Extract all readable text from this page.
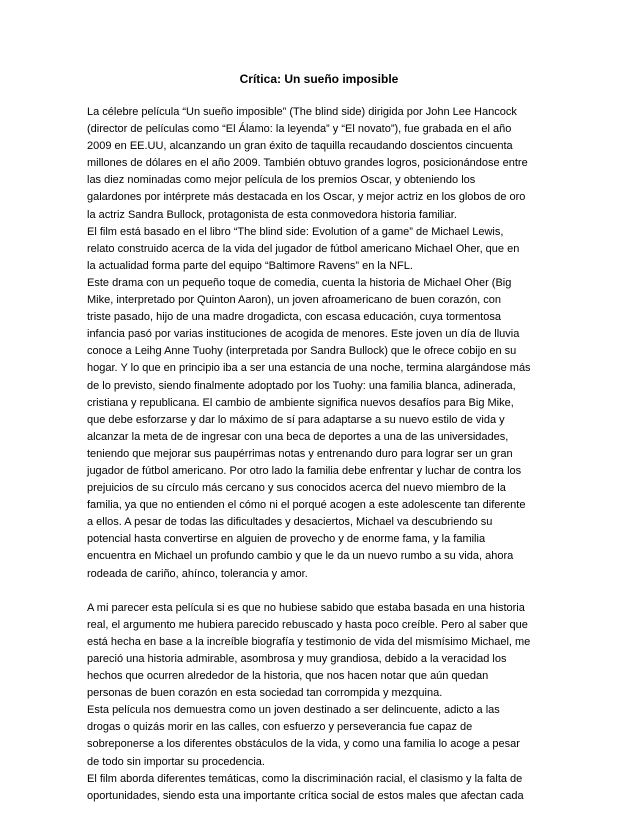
Crítica: Un sueño imposible
La célebre película “Un sueño imposible” (The blind side) dirigida por John Lee Hancock
(director de películas como “El Álamo: la leyenda” y “El novato”), fue grabada en el año
2009 en EE.UU, alcanzando un gran éxito de taquilla recaudando doscientos cincuenta
millones de dólares en el año 2009. También obtuvo grandes logros, posicionándose entre
las diez nominadas como mejor película de los premios Oscar, y obteniendo los
galardones por intérprete más destacada en los Oscar, y mejor actriz en los globos de oro
la actriz Sandra Bullock, protagonista de esta conmovedora historia familiar.
El film está basado en el libro “The blind side: Evolution of a game” de Michael Lewis,
relato construido acerca de la vida del jugador de fútbol americano Michael Oher, que en
la actualidad forma parte del equipo “Baltimore Ravens” en la NFL.
Este drama con un pequeño toque de comedia, cuenta la historia de Michael Oher (Big
Mike, interpretado por Quinton Aaron), un joven afroamericano de buen corazón, con
triste pasado, hijo de una madre drogadicta, con escasa educación, cuya tormentosa
infancia pasó por varias instituciones de acogida de menores. Este joven un día de lluvia
conoce a Leihg Anne Tuohy (interpretada por Sandra Bullock) que le ofrece cobijo en su
hogar. Y lo que en principio iba a ser una estancia de una noche, termina alargándose más
de lo previsto, siendo finalmente adoptado por los Tuohy: una familia blanca, adinerada,
cristiana y republicana. El cambio de ambiente significa nuevos desafíos para Big Mike,
que debe esforzarse y dar lo máximo de sí para adaptarse a su nuevo estilo de vida y
alcanzar la meta de de ingresar con una beca de deportes a una de las universidades,
teniendo que mejorar sus paupérrimas notas y entrenando duro para lograr ser un gran
jugador de fútbol americano. Por otro lado la familia debe enfrentar y luchar de contra los
prejuicios de su círculo más cercano y sus conocidos acerca del nuevo miembro de la
familia, ya que no entienden el cómo ni el porqué acogen a este adolescente tan diferente
a ellos. A pesar de todas las dificultades y desaciertos, Michael va descubriendo su
potencial hasta convertirse en alguien de provecho y de enorme fama, y la familia
encuentra en Michael un profundo cambio y que le da un nuevo rumbo a su vida, ahora
rodeada de cariño, ahínco, tolerancia y amor.
A mi parecer esta película si es que no hubiese sabido que estaba basada en una historia
real, el argumento me hubiera parecido rebuscado y hasta poco creíble. Pero al saber que
está hecha en base a la increíble biografía y testimonio de vida del mismísimo Michael, me
pareció una historia admirable, asombrosa y muy grandiosa, debido a la veracidad los
hechos que ocurren alrededor de la historia, que nos hacen notar que aún quedan
personas de buen corazón en esta sociedad tan corrompida y mezquina.
Esta película nos demuestra como un joven destinado a ser delincuente, adicto a las
drogas o quizás morir en las calles, con esfuerzo y perseverancia fue capaz de
sobreponerse a los diferentes obstáculos de la vida, y como una familia lo acoge a pesar
de todo sin importar su procedencia.
El film aborda diferentes temáticas, como la discriminación racial, el clasismo y la falta de
oportunidades, siendo esta una importante crítica social de estos males que afectan cada
